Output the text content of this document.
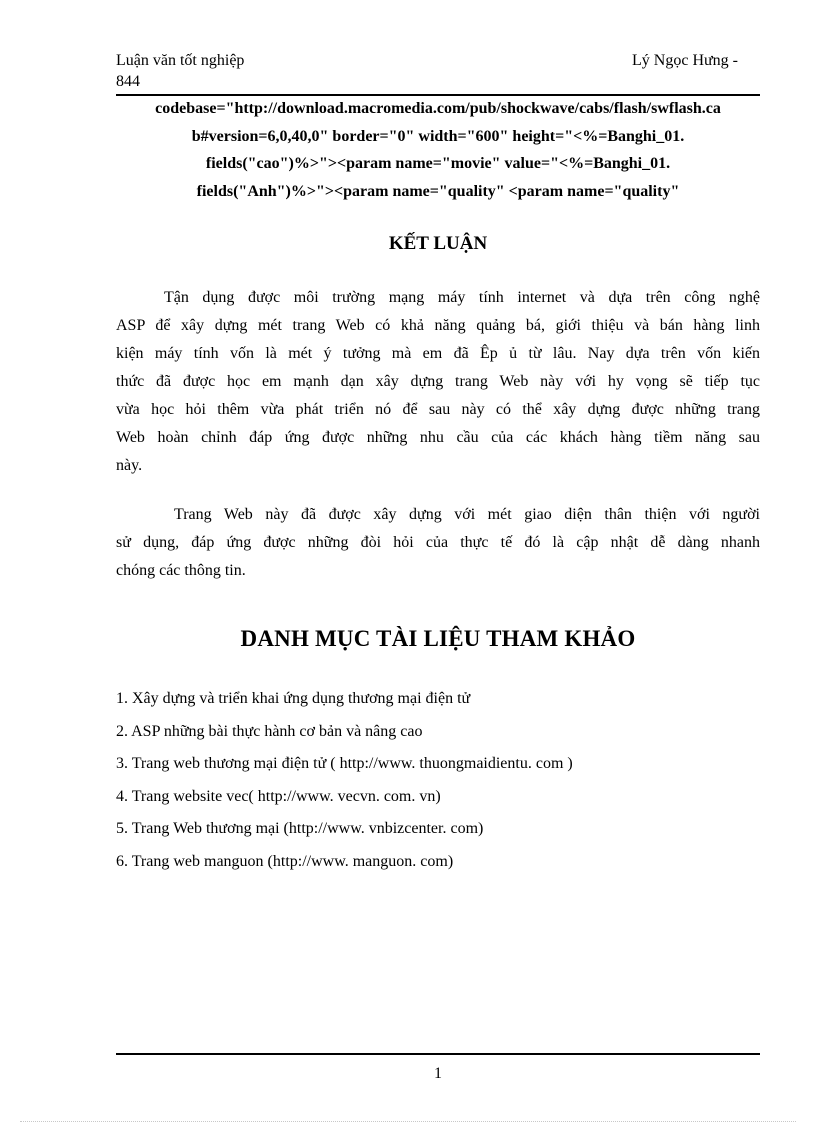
Luận văn tốt nghiệp
844
Lý Ngọc Hưng -
codebase="http://download.macromedia.com/pub/shockwave/cabs/flash/swflash.ca
b#version=6,0,40,0" border="0" width="600" height="<%=Banghi_01.
fields("cao")%>"><param name="movie" value="<%=Banghi_01.
fields("Anh")%>"><param name="quality" <param name="quality"
KẾT LUẬN
Tận dụng được môi trường mạng máy tính internet và dựa trên công nghệ
ASP để xây dựng mét trang Web có khả năng quảng bá, giới thiệu và bán hàng linh
kiện máy tính vốn là mét ý tưởng mà em đã Êp ủ từ lâu. Nay dựa trên vốn kiến
thức đã được học em mạnh dạn xây dựng trang Web này với hy vọng sẽ tiếp tục
vừa học hỏi thêm vừa phát triển nó để sau này có thể xây dựng được những trang
Web hoàn chỉnh đáp ứng được những nhu cầu của các khách hàng tiềm năng sau
này.
Trang Web này đã được xây dựng với mét giao diện thân thiện với người
sử dụng, đáp ứng được những đòi hỏi của thực tế đó là cập nhật dễ dàng nhanh
chóng các thông tin.
DANH MỤC TÀI LIỆU THAM KHẢO
1. Xây dựng và triển khai ứng dụng thương mại điện tử
2. ASP những bài thực hành cơ bản và nâng cao
3. Trang web thương mại điện tử ( http://www. thuongmaidientu. com )
4. Trang website vec( http://www. vecvn. com. vn)
5. Trang Web thương mại (http://www. vnbizcenter. com)
6. Trang web manguon (http://www. manguon. com)
1
